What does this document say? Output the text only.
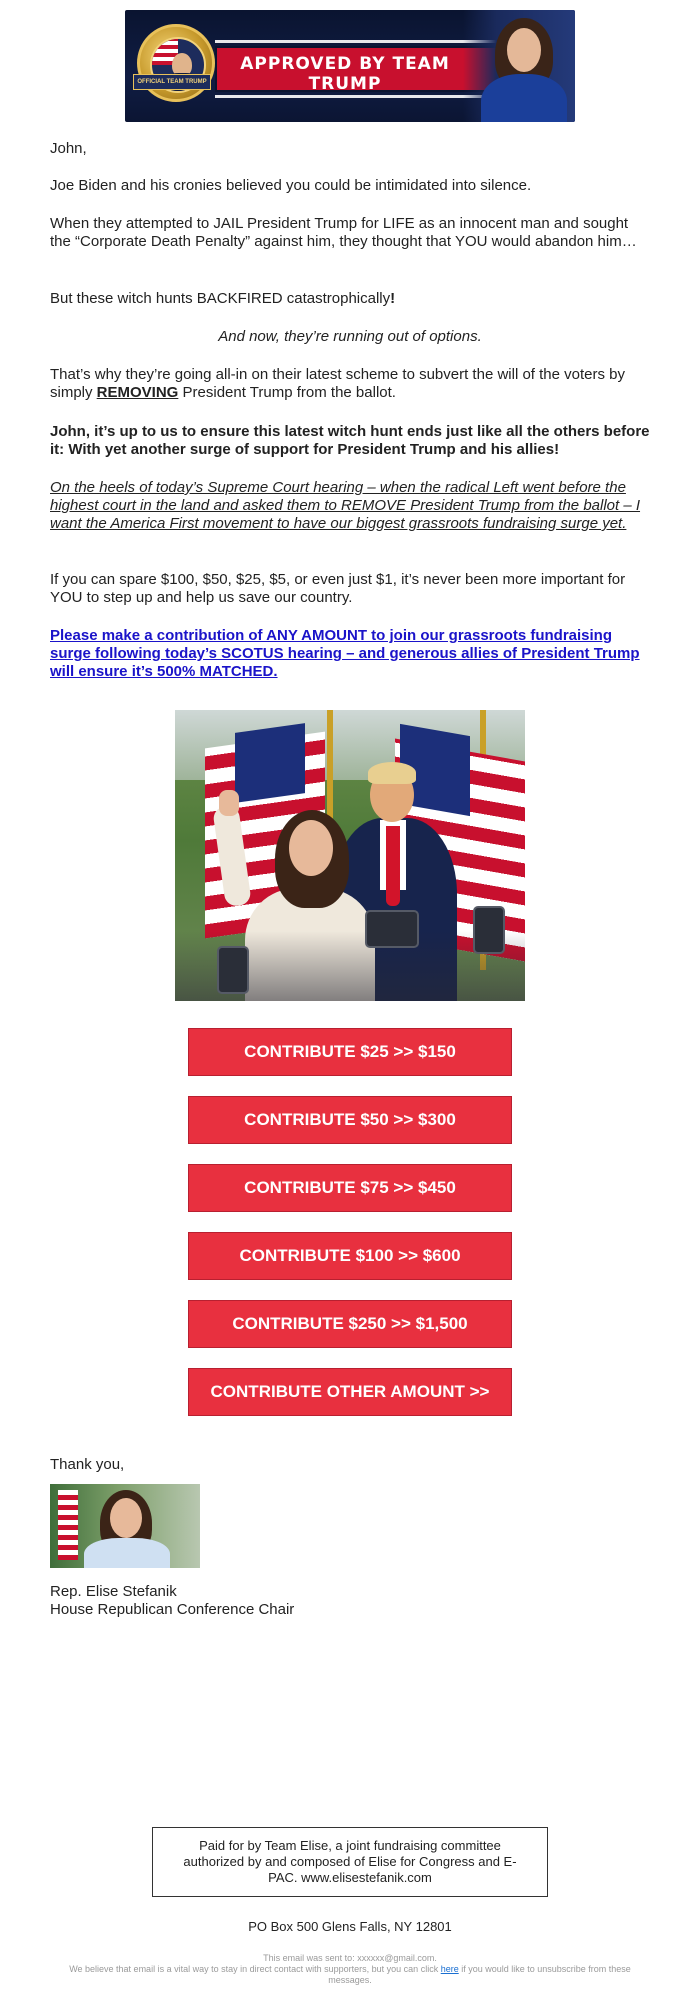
APPROVED BY TEAM TRUMP
OFFICIAL TEAM TRUMP

John,

Joe Biden and his cronies believed you could be intimidated into silence.

When they attempted to JAIL President Trump for LIFE as an innocent man and sought the “Corporate Death Penalty” against him, they thought that YOU would abandon him…

But these witch hunts BACKFIRED catastrophically!

And now, they’re running out of options.

That’s why they’re going all-in on their latest scheme to subvert the will of the voters by simply REMOVING President Trump from the ballot.

John, it’s up to us to ensure this latest witch hunt ends just like all the others before it: With yet another surge of support for President Trump and his allies!

On the heels of today’s Supreme Court hearing – when the radical Left went before the highest court in the land and asked them to REMOVE President Trump from the ballot – I want the America First movement to have our biggest grassroots fundraising surge yet.

If you can spare $100, $50, $25, $5, or even just $1, it’s never been more important for YOU to step up and help us save our country.

Please make a contribution of ANY AMOUNT to join our grassroots fundraising surge following today’s SCOTUS hearing – and generous allies of President Trump will ensure it’s 500% MATCHED.

CONTRIBUTE $25 >> $150
CONTRIBUTE $50 >> $300
CONTRIBUTE $75 >> $450
CONTRIBUTE $100 >> $600
CONTRIBUTE $250 >> $1,500
CONTRIBUTE OTHER AMOUNT >>

Thank you,

Rep. Elise Stefanik

House Republican Conference Chair

Paid for by Team Elise, a joint fundraising committee authorized by and composed of Elise for Congress and E-PAC. www.elisestefanik.com
PO Box 500 Glens Falls, NY 12801
This email was sent to: xxxxxx@gmail.com.
We believe that email is a vital way to stay in direct contact with supporters, but you can click here if you would like to unsubscribe from these messages.
